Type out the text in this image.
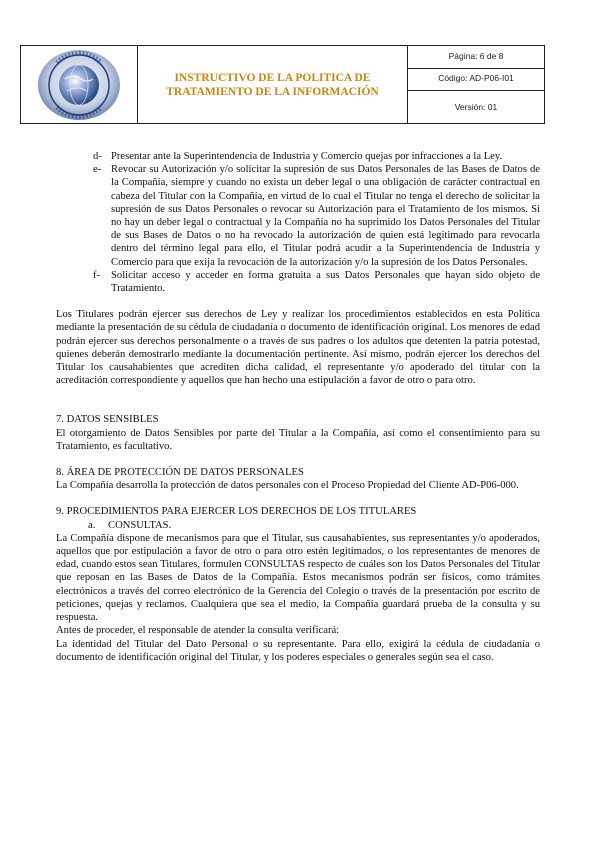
INSTRUCTIVO DE LA POLITICA DE
TRATAMIENTO DE LA INFORMACIÓN
Página: 6 de 8
Código: AD-P06-I01
Versión: 01
d- Presentar ante la Superintendencia de Industria y Comercio quejas por infracciones a la Ley.
e- Revocar su Autorización y/o solicitar la supresión de sus Datos Personales de las Bases de Datos de la Compañía, siempre y cuando no exista un deber legal o una obligación de carácter contractual en cabeza del Titular con la Compañía, en virtud de lo cual el Titular no tenga el derecho de solicitar la supresión de sus Datos Personales o revocar su Autorización para el Tratamiento de los mismos. Si no hay un deber legal o contractual y la Compañía no ha suprimido los Datos Personales del Titular de sus Bases de Datos o no ha revocado la autorización de quien está legitimado para revocarla dentro del término legal para ello, el Titular podrá acudir a la Superintendencia de Industria y Comercio para que exija la revocación de la autorización y/o la supresión de los Datos Personales.
f- Solicitar acceso y acceder en forma gratuita a sus Datos Personales que hayan sido objeto de Tratamiento.

Los Titulares podrán ejercer sus derechos de Ley y realizar los procedimientos establecidos en esta Política mediante la presentación de su cédula de ciudadanía o documento de identificación original. Los menores de edad podrán ejercer sus derechos personalmente o a través de sus padres o los adultos que detenten la patria potestad, quienes deberán demostrarlo mediante la documentación pertinente. Así mismo, podrán ejercer los derechos del Titular los causahabientes que acrediten dicha calidad, el representante y/o apoderado del titular con la acreditación correspondiente y aquellos que han hecho una estipulación a favor de otro o para otro.

7. DATOS SENSIBLES

El otorgamiento de Datos Sensibles por parte del Titular a la Compañía, así como el consentimiento para su Tratamiento, es facultativo.

8. ÁREA DE PROTECCIÓN DE DATOS PERSONALES

La Compañía desarrolla la protección de datos personales con el Proceso Propiedad del Cliente AD-P06-000.

9. PROCEDIMIENTOS PARA EJERCER LOS DERECHOS DE LOS TITULARES

a. CONSULTAS.

La Compañía dispone de mecanismos para que el Titular, sus causahabientes, sus representantes y/o apoderados, aquellos que por estipulación a favor de otro o para otro estén legitimados, o los representantes de menores de edad, cuando estos sean Titulares, formulen CONSULTAS respecto de cuáles son los Datos Personales del Titular que reposan en las Bases de Datos de la Compañía. Estos mecanismos podrán ser físicos, como trámites electrónicos a través del correo electrónico de la Gerencia del Colegio o través de la presentación por escrito de peticiones, quejas y reclamos. Cualquiera que sea el medio, la Compañía guardará prueba de la consulta y su respuesta.

Antes de proceder, el responsable de atender la consulta verificará:

La identidad del Titular del Dato Personal o su representante. Para ello, exigirá la cédula de ciudadanía o documento de identificación original del Titular, y los poderes especiales o generales según sea el caso.
